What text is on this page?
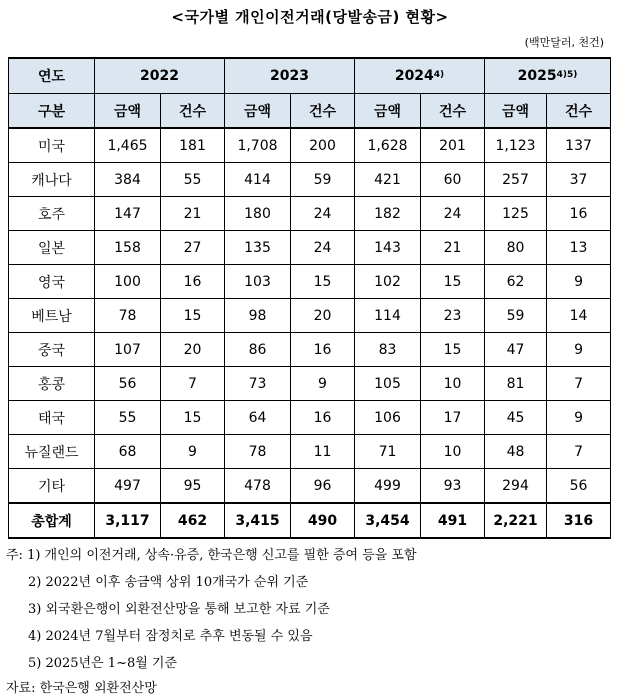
<국가별 개인이전거래(당발송금) 현황>
(백만달러, 천건)
연도	2022		2023		2024$^{4)}$		$2025^{4)5)}$
구분	금액	건수	금액	건수	금액	건수	금액	건수
미국	1,465	181	1,708	200	1,628	201	1,123	137
캐나다	384	55	414	59	421	60	257	37
호주	147	21	180	24	182	24	125	16
일본	158	27	135	24	143	21	80	13
영국	100	16	103	15	102	15	62	9
베트남	78	15	98	20	114	23	59	14
중국	107	20	86	16	83	15	47	9
홍콩	56	7	73	9	105	10	81	7
태국	55	15	64	16	106	17	45	9
뉴질랜드	68	9	78	11	71	10	48	7
기타	497	95	478	96	499	93	294	56
총합계	3,117	462	3,415	490	3,454	491	2,221	316
주: 1) 개인의 이전거래, 상속·유증, 한국은행 신고를 필한 증여 등을 포함
2) 2022년 이후 송금액 상위 10개국가 순위 기준
3) 외국환은행이 외환전산망을 통해 보고한 자료 기준
4) 2024년 7월부터 잠정치로 추후 변동될 수 있음
5) 2025년은 1~8월 기준
자료: 한국은행 외환전산망
